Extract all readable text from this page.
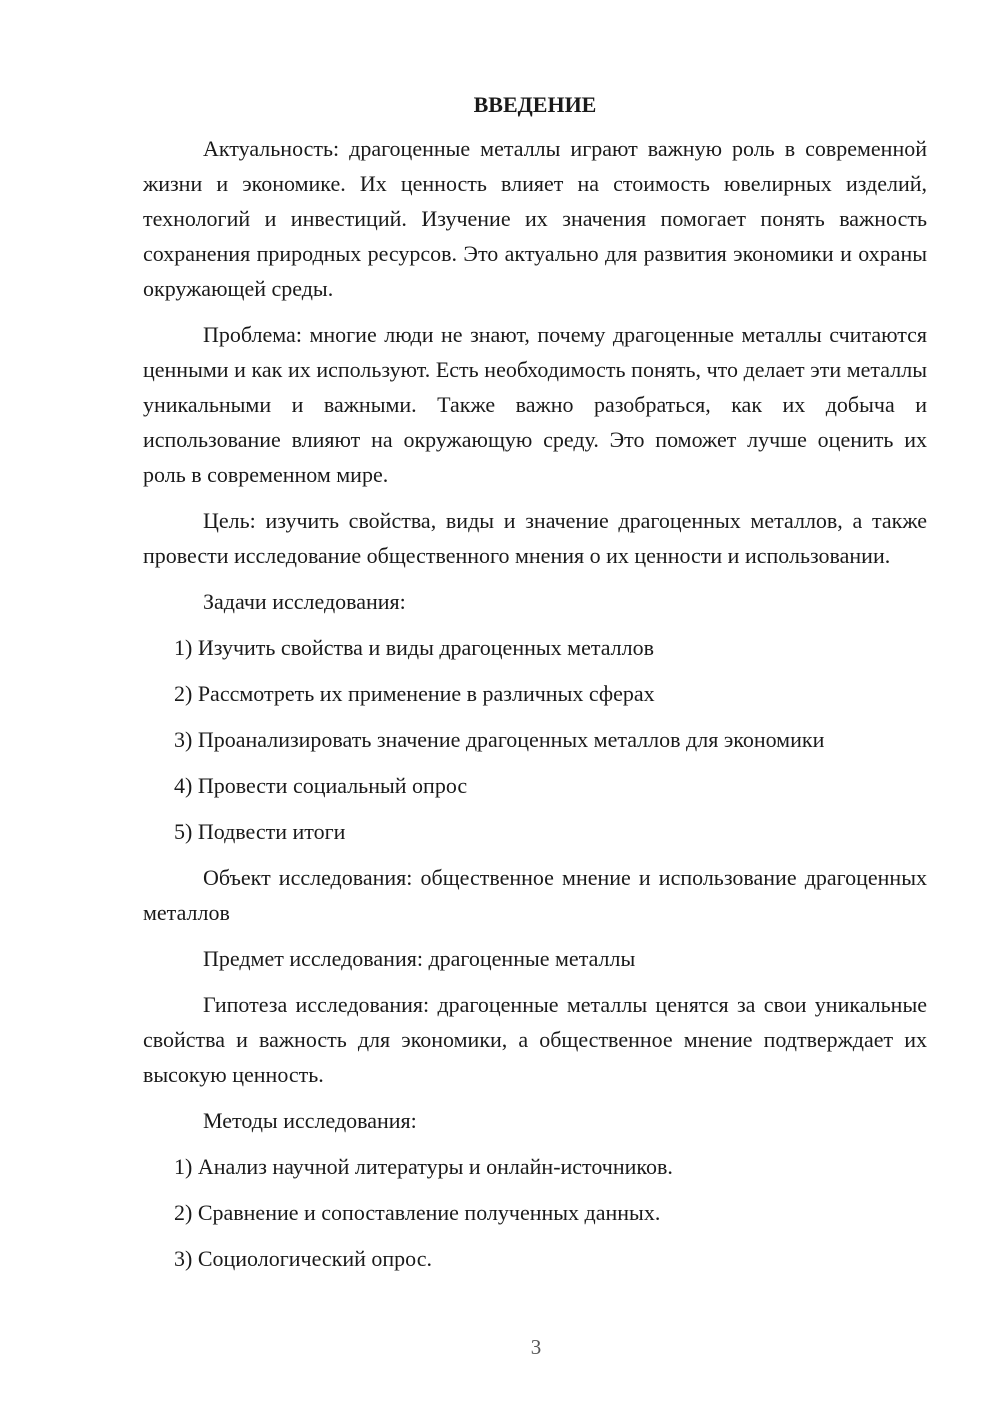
ВВЕДЕНИЕ
Актуальность: драгоценные металлы играют важную роль в современной жизни и экономике. Их ценность влияет на стоимость ювелирных изделий, технологий и инвестиций. Изучение их значения помогает понять важность сохранения природных ресурсов. Это актуально для развития экономики и охраны окружающей среды.
Проблема: многие люди не знают, почему драгоценные металлы считаются ценными и как их используют. Есть необходимость понять, что делает эти металлы уникальными и важными. Также важно разобраться, как их добыча и использование влияют на окружающую среду. Это поможет лучше оценить их роль в современном мире.
Цель: изучить свойства, виды и значение драгоценных металлов, а также провести исследование общественного мнения о их ценности и использовании.
Задачи исследования:
1) Изучить свойства и виды драгоценных металлов
2) Рассмотреть их применение в различных сферах
3) Проанализировать значение драгоценных металлов для экономики
4) Провести социальный опрос
5) Подвести итоги
Объект исследования: общественное мнение и использование драгоценных металлов
Предмет исследования: драгоценные металлы
Гипотеза исследования: драгоценные металлы ценятся за свои уникальные свойства и важность для экономики, а общественное мнение подтверждает их высокую ценность.
Методы исследования:
1) Анализ научной литературы и онлайн-источников.
2) Сравнение и сопоставление полученных данных.
3) Социологический опрос.
3
